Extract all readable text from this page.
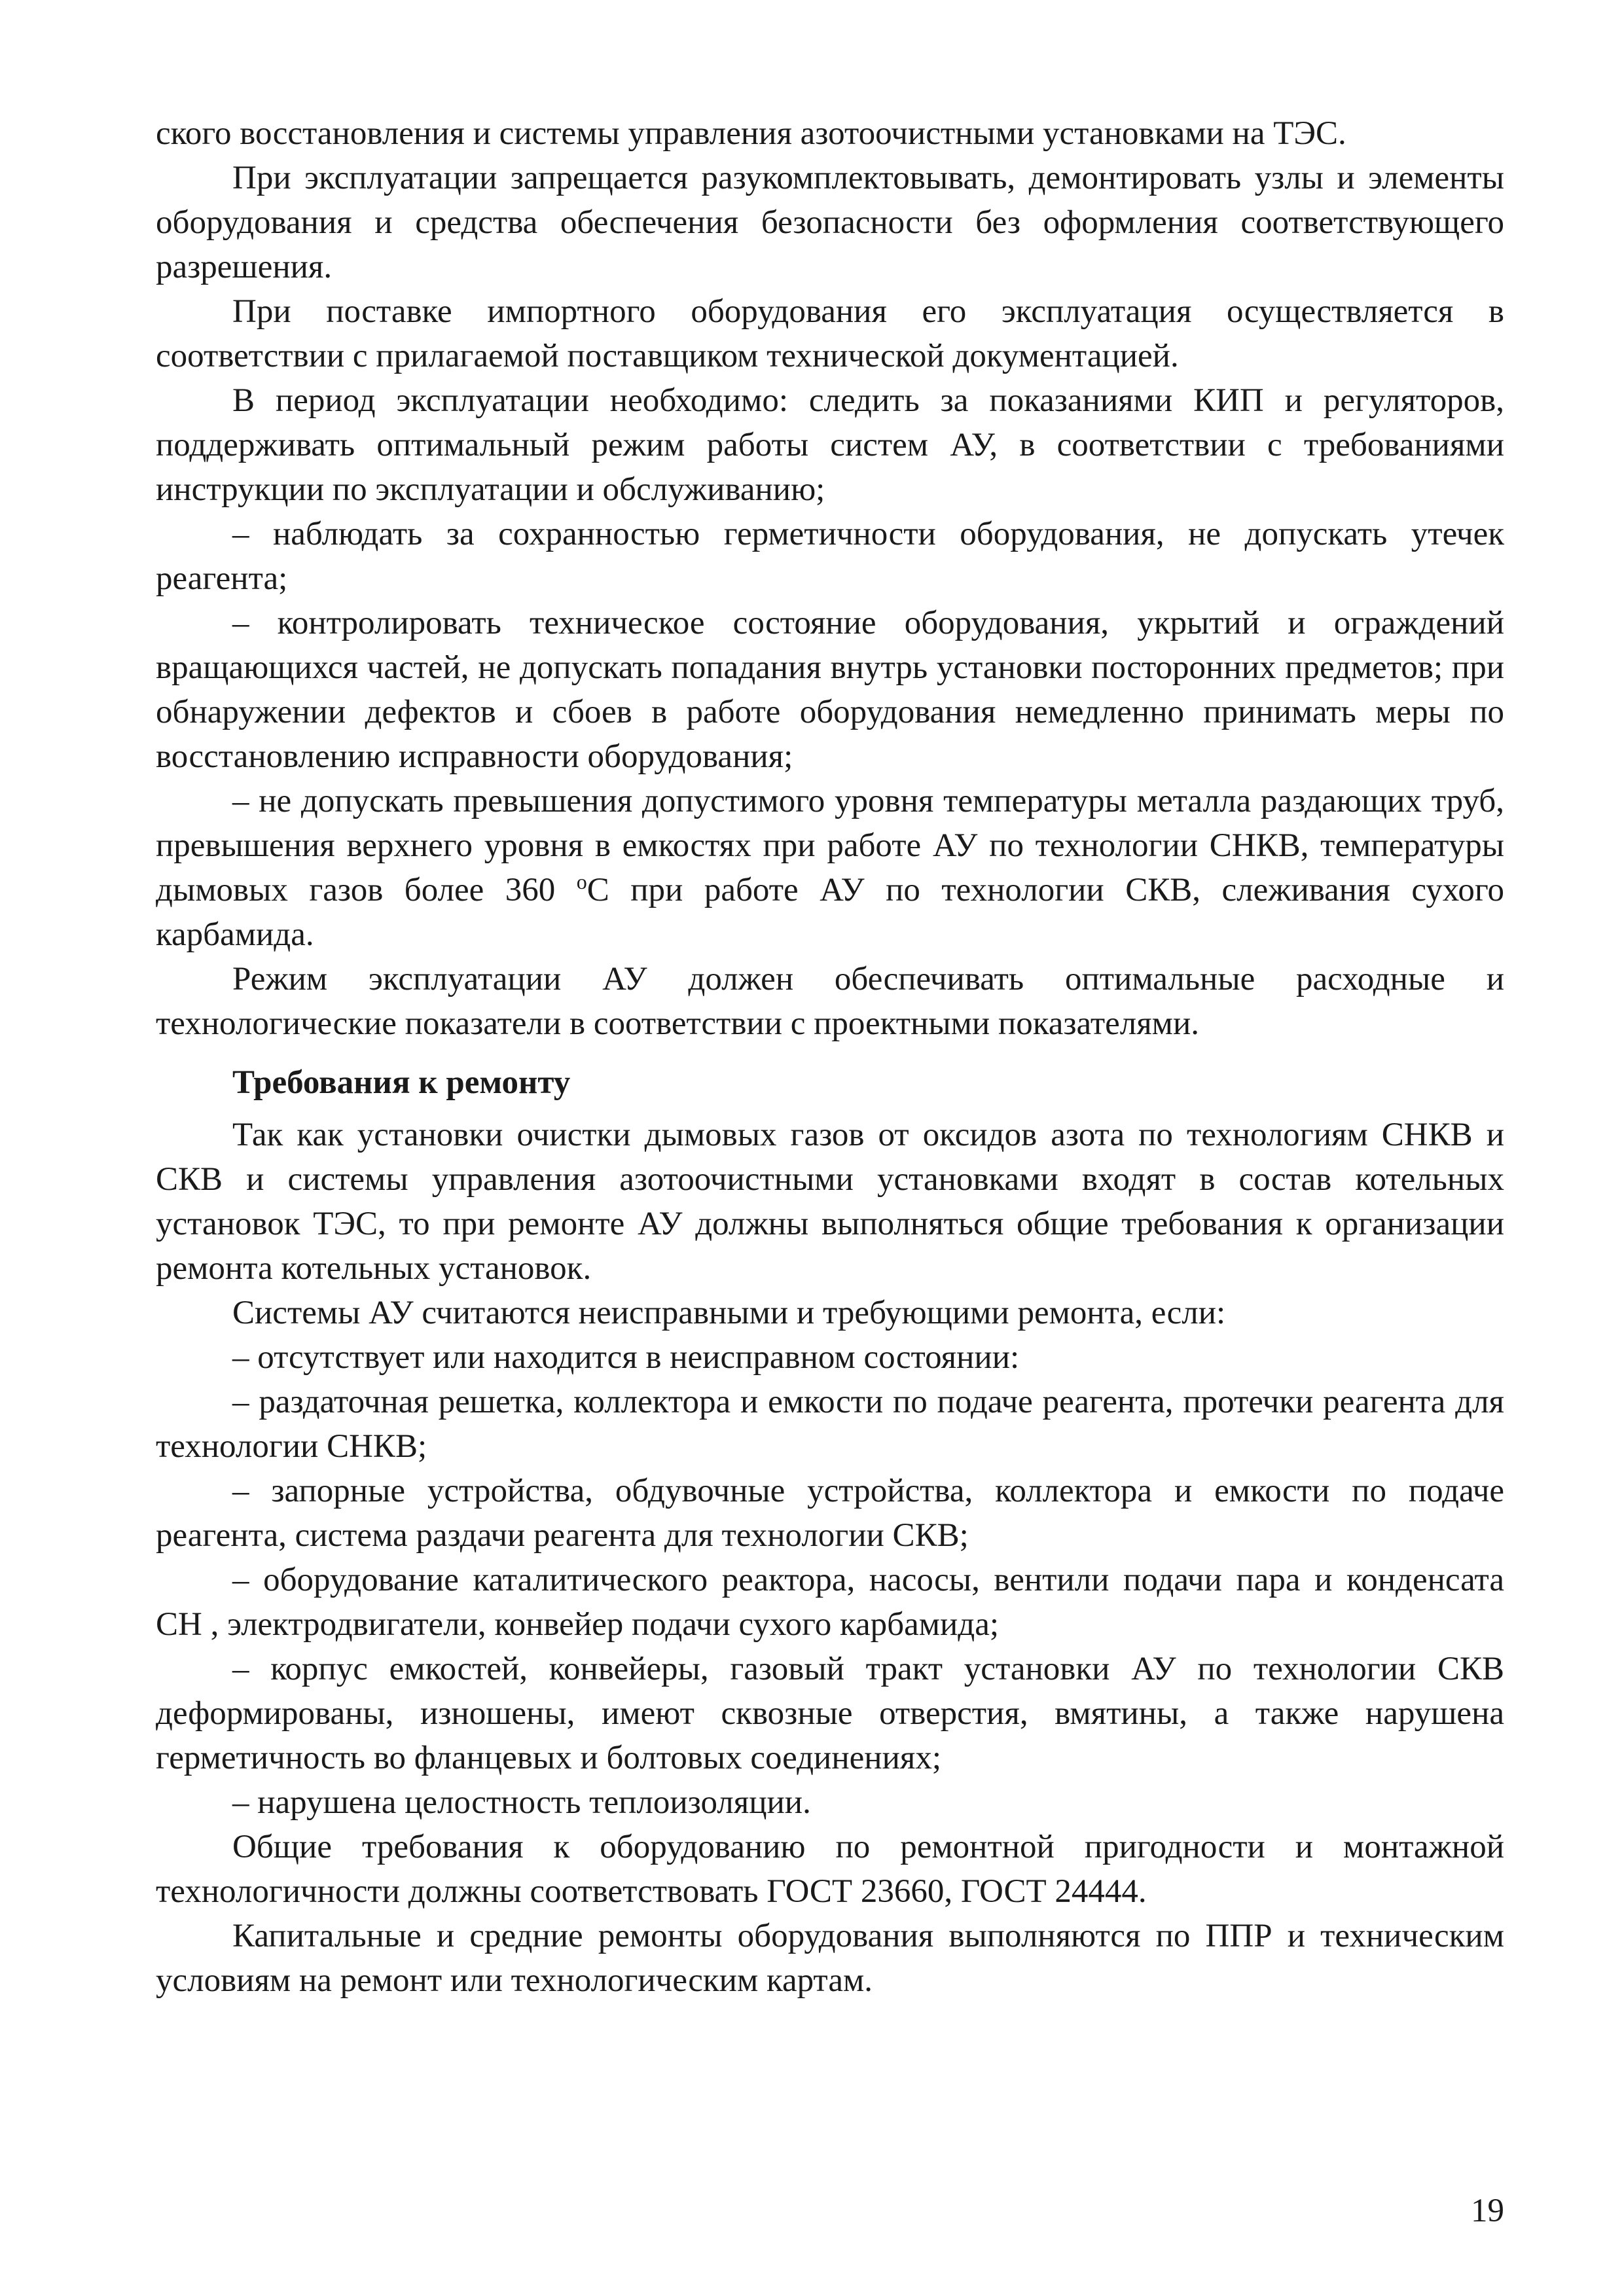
ского восстановления и системы управления азотоочистными установками на ТЭС.

При эксплуатации запрещается разукомплектовывать, демонтировать узлы и элементы оборудования и средства обеспечения безопасности без оформления соответствующего разрешения.

При поставке импортного оборудования его эксплуатация осуществляется в соответствии с прилагаемой поставщиком технической документацией.

В период эксплуатации необходимо: следить за показаниями КИП и регуляторов, поддерживать оптимальный режим работы систем АУ, в соответствии с требованиями инструкции по эксплуатации и обслуживанию;

– наблюдать за сохранностью герметичности оборудования, не допускать утечек реагента;

– контролировать техническое состояние оборудования, укрытий и ограждений вращающихся частей, не допускать попадания внутрь установки посторонних предметов; при обнаружении дефектов и сбоев в работе оборудования немедленно принимать меры по восстановлению исправности оборудования;

– не допускать превышения допустимого уровня температуры металла раздающих труб, превышения верхнего уровня в емкостях при работе АУ по технологии СНКВ, температуры дымовых газов более 360 $^о$С при работе АУ по технологии СКВ, слеживания сухого карбамида.

Режим эксплуатации АУ должен обеспечивать оптимальные расходные и технологические показатели в соответствии с проектными показателями.

Требования к ремонту

Так как установки очистки дымовых газов от оксидов азота по технологиям СНКВ и СКВ и системы управления азотоочистными установками входят в состав котельных установок ТЭС, то при ремонте АУ должны выполняться общие требования к организации ремонта котельных установок.

Системы АУ считаются неисправными и требующими ремонта, если:

– отсутствует или находится в неисправном состоянии:

– раздаточная решетка, коллектора и емкости по подаче реагента, протечки реагента для технологии СНКВ;

– запорные устройства, обдувочные устройства, коллектора и емкости по подаче реагента, система раздачи реагента для технологии СКВ;

– оборудование каталитического реактора, насосы, вентили подачи пара и конденсата СН , электродвигатели, конвейер подачи сухого карбамида;

– корпус емкостей, конвейеры, газовый тракт установки АУ по технологии СКВ деформированы, изношены, имеют сквозные отверстия, вмятины, а также нарушена герметичность во фланцевых и болтовых соединениях;

– нарушена целостность теплоизоляции.

Общие требования к оборудованию по ремонтной пригодности и монтажной технологичности должны соответствовать ГОСТ 23660, ГОСТ 24444.

Капитальные и средние ремонты оборудования выполняются по ППР и техническим условиям на ремонт или технологическим картам.

19
